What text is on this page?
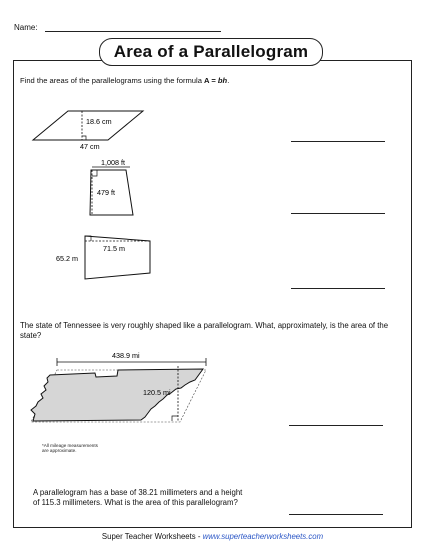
Name:
Area of a Parallelogram
Find the areas of the parallelograms using the formula A = bh.
18.6 cm
47 cm
1,008 ft
479 ft
65.2 m
71.5 m
438.9 mi
120.5 mi
The state of Tennessee is very roughly shaped like a parallelogram. What, approximately, is the area of the state?
*All mileage measurements
are approximate.
A parallelogram has a base of 38.21 millimeters and a height of 115.3 millimeters. What is the area of this parallelogram?
Super Teacher Worksheets - www.superteacherworksheets.com
